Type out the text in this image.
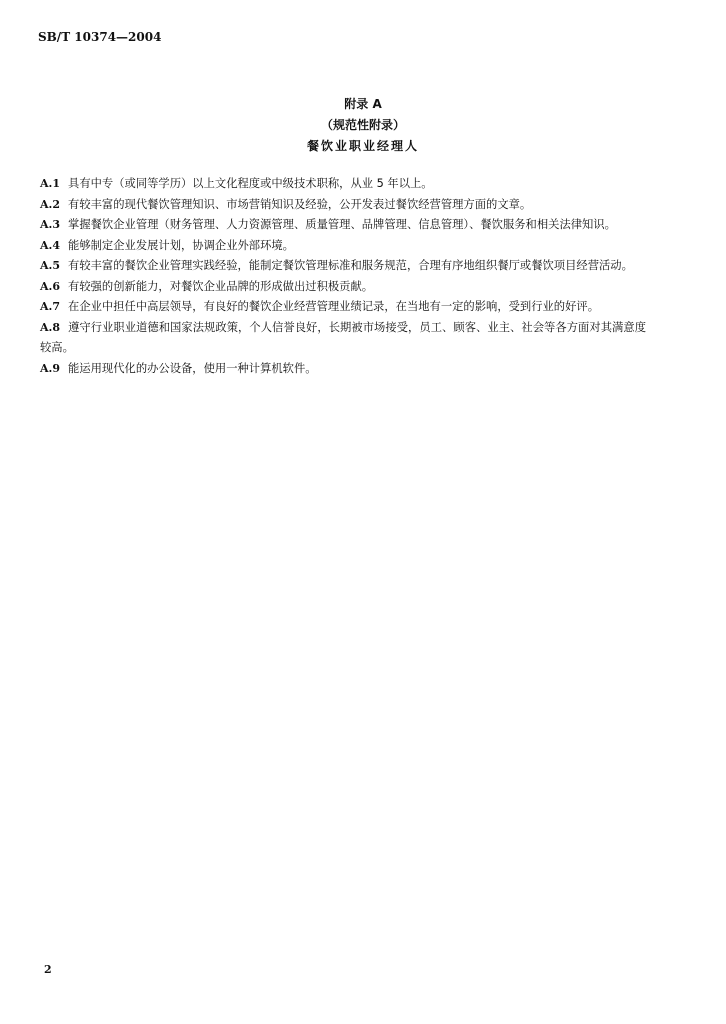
SB/T 10374—2004
附录 A
（规范性附录）
餐饮业职业经理人
A.1 具有中专（或同等学历）以上文化程度或中级技术职称，从业 5 年以上。
A.2 有较丰富的现代餐饮管理知识、市场营销知识及经验，公开发表过餐饮经营管理方面的文章。
A.3 掌握餐饮企业管理（财务管理、人力资源管理、质量管理、品牌管理、信息管理）、餐饮服务和相关法律知识。
A.4 能够制定企业发展计划，协调企业外部环境。
A.5 有较丰富的餐饮企业管理实践经验，能制定餐饮管理标准和服务规范，合理有序地组织餐厅或餐饮项目经营活动。
A.6 有较强的创新能力，对餐饮企业品牌的形成做出过积极贡献。
A.7 在企业中担任中高层领导，有良好的餐饮企业经营管理业绩记录，在当地有一定的影响，受到行业的好评。
A.8 遵守行业职业道德和国家法规政策，个人信誉良好，长期被市场接受，员工、顾客、业主、社会等各方面对其满意度较高。
A.9 能运用现代化的办公设备，使用一种计算机软件。
2
